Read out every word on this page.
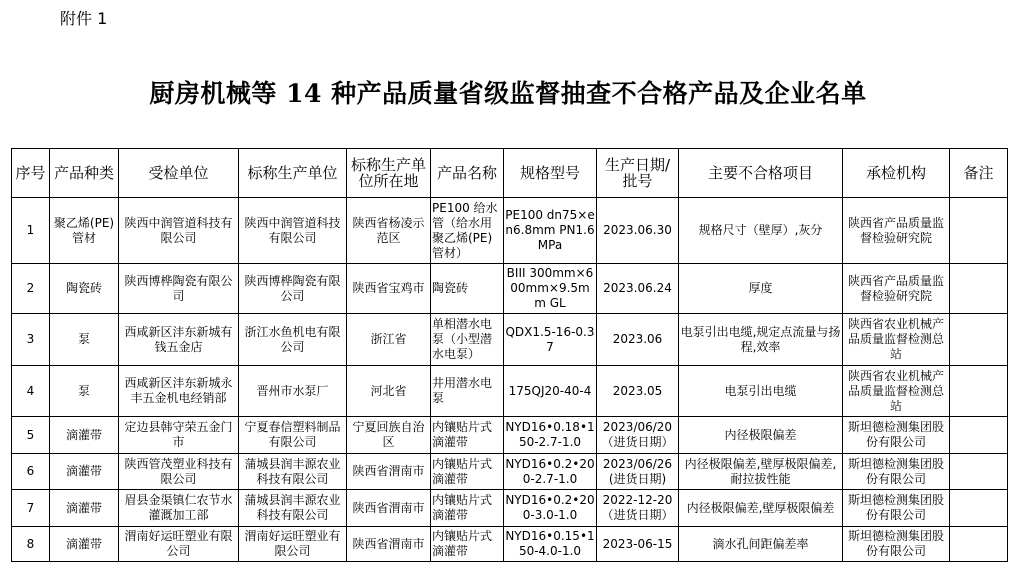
附件 1
厨房机械等 14 种产品质量省级监督抽查不合格产品及企业名单
序号	产品种类	受检单位	标称生产单位	标称生产单位所在地	产品名称	规格型号	生产日期/批号	主要不合格项目	承检机构	备注
1	聚乙烯(PE)管材	陕西中润管道科技有限公司	陕西中润管道科技有限公司	陕西省杨凌示范区	PE100 给水管（给水用聚乙烯(PE)管材）	PE100 dn75×en6.8mm PN1.6MPa	2023.06.30	规格尺寸（壁厚）,灰分	陕西省产品质量监督检验研究院	
2	陶瓷砖	陕西博桦陶瓷有限公司	陕西博桦陶瓷有限公司	陕西省宝鸡市	陶瓷砖	BIII 300mm×600mm×9.5mm GL	2023.06.24	厚度	陕西省产品质量监督检验研究院	
3	泵	西咸新区沣东新城有钱五金店	浙江水鱼机电有限公司	浙江省	单相潜水电泵（小型潜水电泵）	QDX1.5-16-0.37	2023.06	电泵引出电缆,规定点流量与扬程,效率	陕西省农业机械产品质量监督检测总站	
4	泵	西咸新区沣东新城永丰五金机电经销部	晋州市水泵厂	河北省	井用潜水电泵	175QJ20-40-4	2023.05	电泵引出电缆	陕西省农业机械产品质量监督检测总站	
5	滴灌带	定边县韩守荣五金门市	宁夏春信塑料制品有限公司	宁夏回族自治区	内镶贴片式滴灌带	NYD16•0.18•150-2.7-1.0	2023/06/20（进货日期）	内径极限偏差	斯坦德检测集团股份有限公司	
6	滴灌带	陕西管茂塑业科技有限公司	蒲城县润丰源农业科技有限公司	陕西省渭南市	内镶贴片式滴灌带	NYD16•0.2•200-2.7-1.0	2023/06/26(进货日期)	内径极限偏差,壁厚极限偏差,耐拉拔性能	斯坦德检测集团股份有限公司	
7	滴灌带	眉县金渠镇仁农节水灌溉加工部	蒲城县润丰源农业科技有限公司	陕西省渭南市	内镶贴片式滴灌带	NYD16•0.2•200-3.0-1.0	2022-12-20（进货日期）	内径极限偏差,壁厚极限偏差	斯坦德检测集团股份有限公司	
8	滴灌带	渭南好运旺塑业有限公司	渭南好运旺塑业有限公司	陕西省渭南市	内镶贴片式滴灌带	NYD16•0.15•150-4.0-1.0	2023-06-15	滴水孔间距偏差率	斯坦德检测集团股份有限公司	
